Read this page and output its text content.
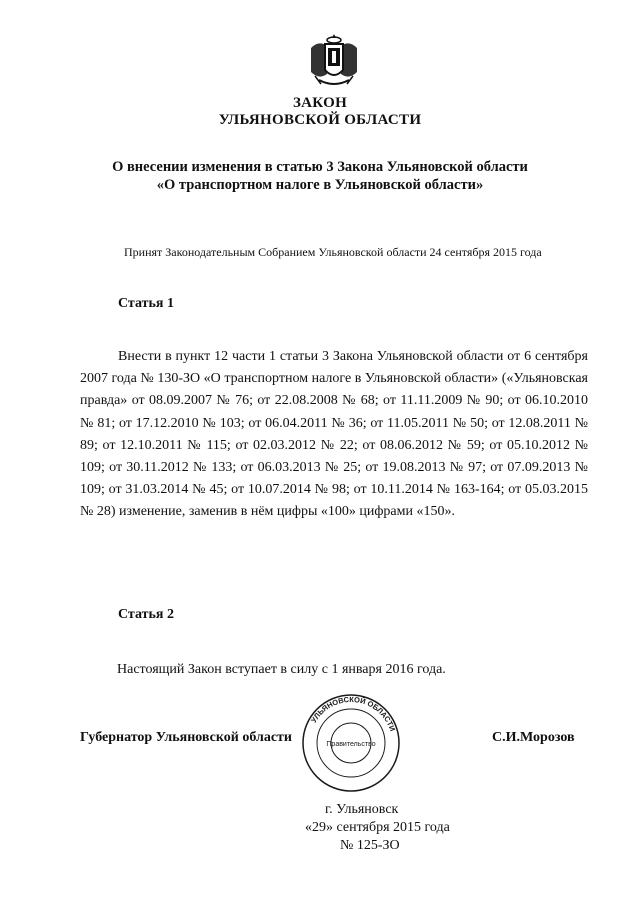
ЗАКОН
УЛЬЯНОВСКОЙ ОБЛАСТИ
О внесении изменения в статью 3 Закона Ульяновской области
«О транспортном налоге в Ульяновской области»
Принят Законодательным Собранием Ульяновской области 24 сентября 2015 года
Статья 1
Внести в пункт 12 части 1 статьи 3 Закона Ульяновской области от 6 сентября 2007 года № 130-ЗО «О транспортном налоге в Ульяновской области» («Ульяновская правда» от 08.09.2007 № 76; от 22.08.2008 № 68; от 11.11.2009 № 90; от 06.10.2010 № 81; от 17.12.2010 № 103; от 06.04.2011 № 36; от 11.05.2011 № 50; от 12.08.2011 № 89; от 12.10.2011 № 115; от 02.03.2012 № 22; от 08.06.2012 № 59; от 05.10.2012 № 109; от 30.11.2012 № 133; от 06.03.2013 № 25; от 19.08.2013 № 97; от 07.09.2013 № 109; от 31.03.2014 № 45; от 10.07.2014 № 98; от 10.11.2014 № 163-164; от 05.03.2015 № 28) изменение, заменив в нём цифры «100» цифрами «150».
Статья 2
Настоящий Закон вступает в силу с 1 января 2016 года.
Губернатор Ульяновской области	С.И.Морозов
УЛЬЯНОВСКОЙ ОБЛАСТИ
Правительство
г. Ульяновск
«29» сентября 2015 года
№ 125-ЗО
